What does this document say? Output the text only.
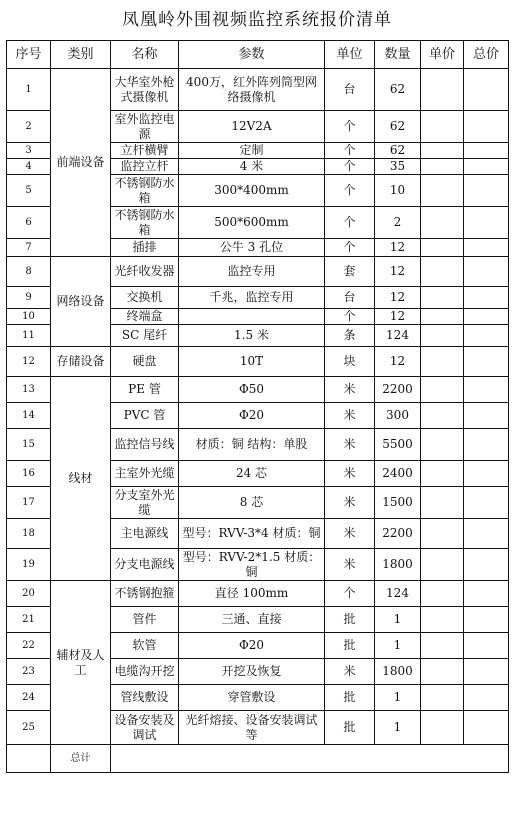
凤凰岭外围视频监控系统报价清单
序号	类别	名称	参数	单位	数量	单价	总价
1	前端设备	大华室外枪式摄像机	400万，红外阵列筒型网络摄像机	台	62		
2		室外监控电源	12V2A	个	62		
3		立杆横臂	定制	个	62		
4		监控立杆	4 米	个	35		
5		不锈钢防水箱	300*400mm	个	10		
6		不锈钢防水箱	500*600mm	个	2		
7		插排	公牛 3 孔位	个	12		
8	网络设备	光纤收发器	监控专用	套	12		
9		交换机	千兆，监控专用	台	12		
10		终端盒		个	12		
11		SC 尾纤	1.5 米	条	124		
12	存储设备	硬盘	10T	块	12		
13	线材	PE 管	Φ50	米	2200		
14		PVC 管	Φ20	米	300		
15		监控信号线	材质：铜 结构：单股	米	5500		
16		主室外光缆	24 芯	米	2400		
17		分支室外光缆	8 芯	米	1500		
18		主电源线	型号：RVV-3*4 材质：铜	米	2200		
19		分支电源线	型号：RVV-2*1.5 材质：铜	米	1800		
20	辅材及人工	不锈钢抱箍	直径 100mm	个	124		
21		管件	三通、直接	批	1		
22		软管	Φ20	批	1		
23		电缆沟开挖	开挖及恢复	米	1800		
24		管线敷设	穿管敷设	批	1		
25		设备安装及调试	光纤熔接、设备安装调试等	批	1		
	总计						
